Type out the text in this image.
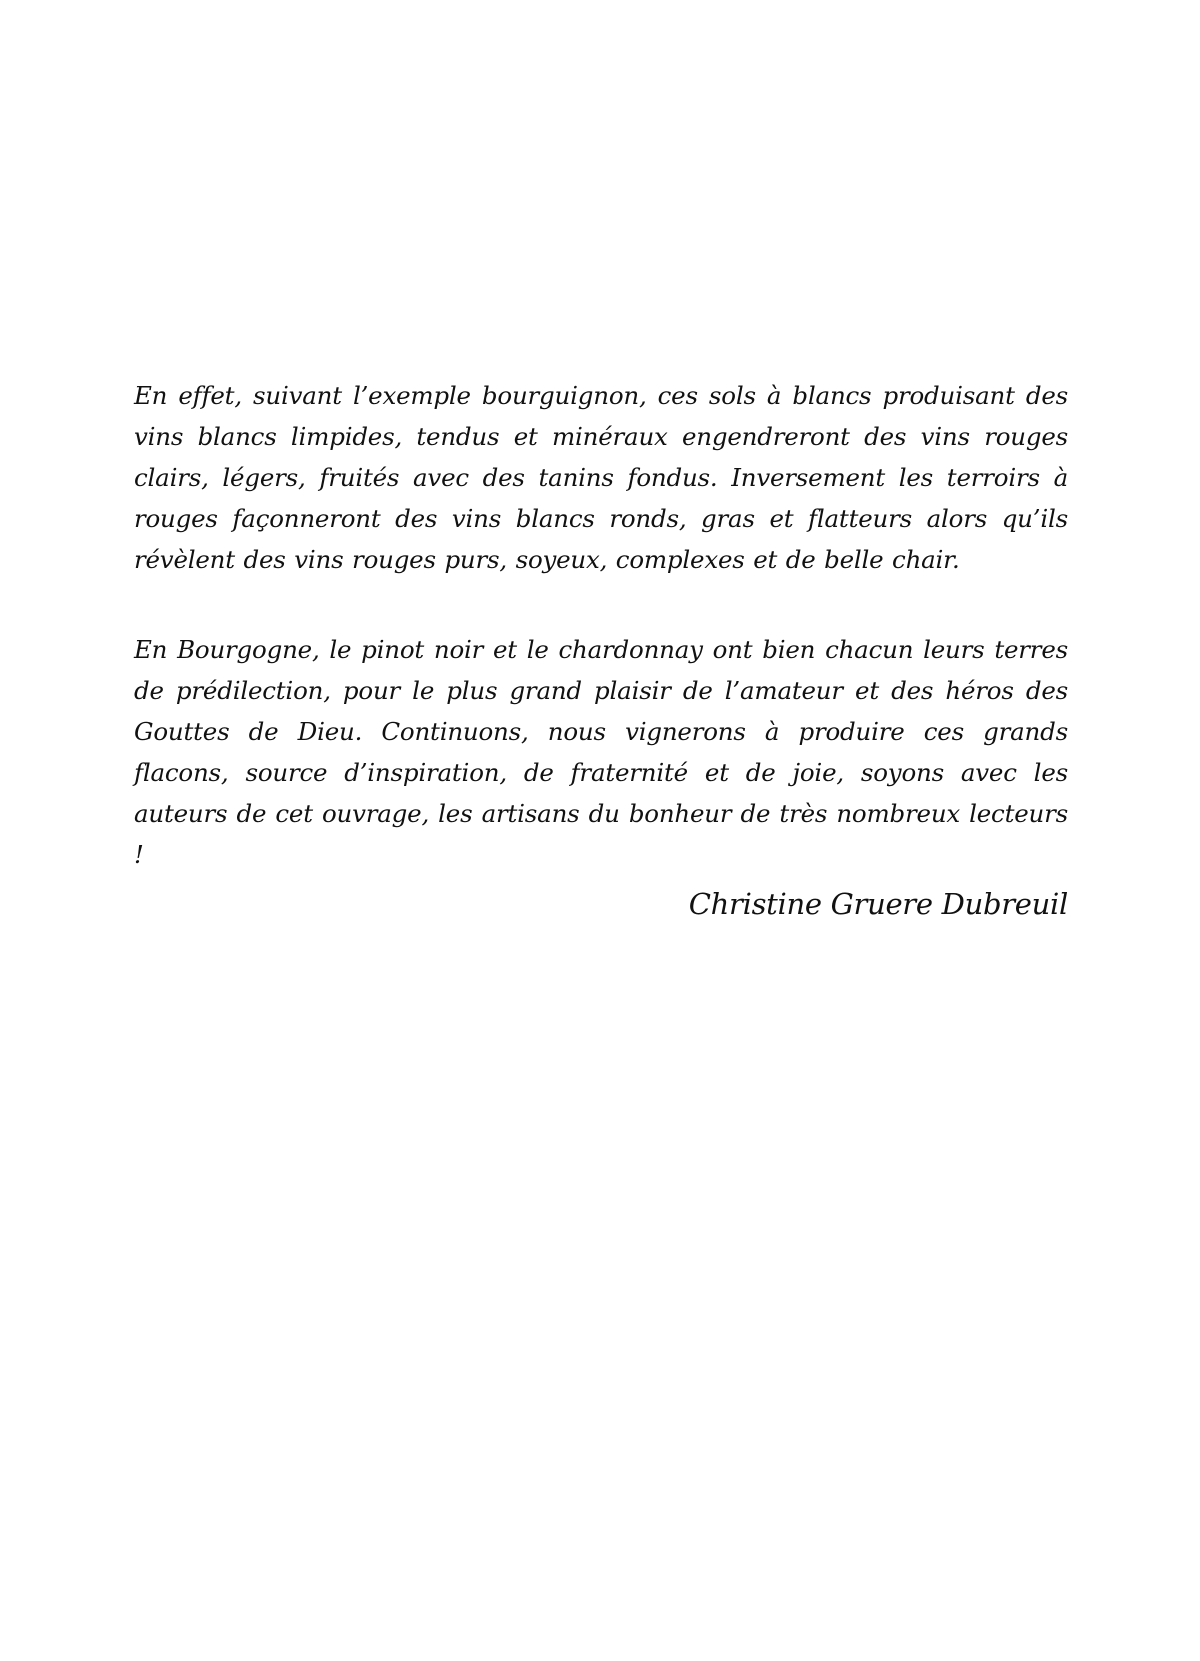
En effet, suivant l’exemple bourguignon, ces sols à blancs produisant des vins blancs limpides, tendus et minéraux engendreront des vins rouges clairs, légers, fruités avec des tanins fondus. Inversement les terroirs à rouges façonneront des vins blancs ronds, gras et flatteurs alors qu’ils révèlent des vins rouges purs, soyeux, complexes et de belle chair.

En Bourgogne, le pinot noir et le chardonnay ont bien chacun leurs terres de prédilection, pour le plus grand plaisir de l’amateur et des héros des Gouttes de Dieu. Continuons, nous vignerons à produire ces grands flacons, source d’inspiration, de fraternité et de joie, soyons avec les auteurs de cet ouvrage, les artisans du bonheur de très nombreux lecteurs !

Christine Gruere Dubreuil
